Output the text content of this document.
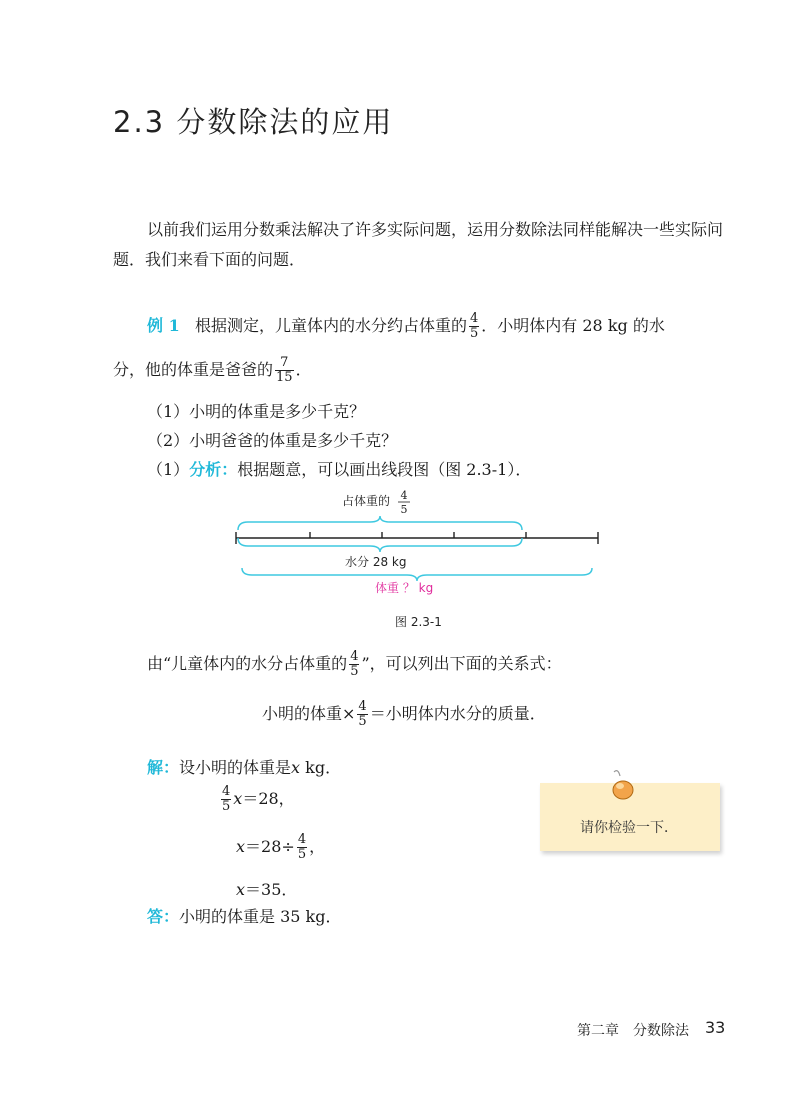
2.3 分数除法的应用
以前我们运用分数乘法解决了许多实际问题，运用分数除法同样能解决一些实际问题．我们来看下面的问题．
例 1 根据测定，儿童体内的水分约占体重的 $\frac{4}{5}$ ．小明体内有 28 kg 的水
分，他的体重是爸爸的 $\frac{7}{15}$ ．
（1）小明的体重是多少千克？
（2）小明爸爸的体重是多少千克？
（1）分析：根据题意，可以画出线段图（图 2.3-1）．
占体重的 4
5
水分 28 kg
体重 ？ kg
图 2.3-1
由“儿童体内的水分占体重的 $\frac{4}{5}$ ”，可以列出下面的关系式：
小明的体重× $\frac{4}{5}$ ＝小明体内水分的质量．
解：设小明的体重是x kg．
$\frac{4}{5} x=28$，
$x=28\div \frac{4}{5}$ ，
x＝35．
答：小明的体重是 35 kg．
请你检验一下．
第二章　分数除法 33
